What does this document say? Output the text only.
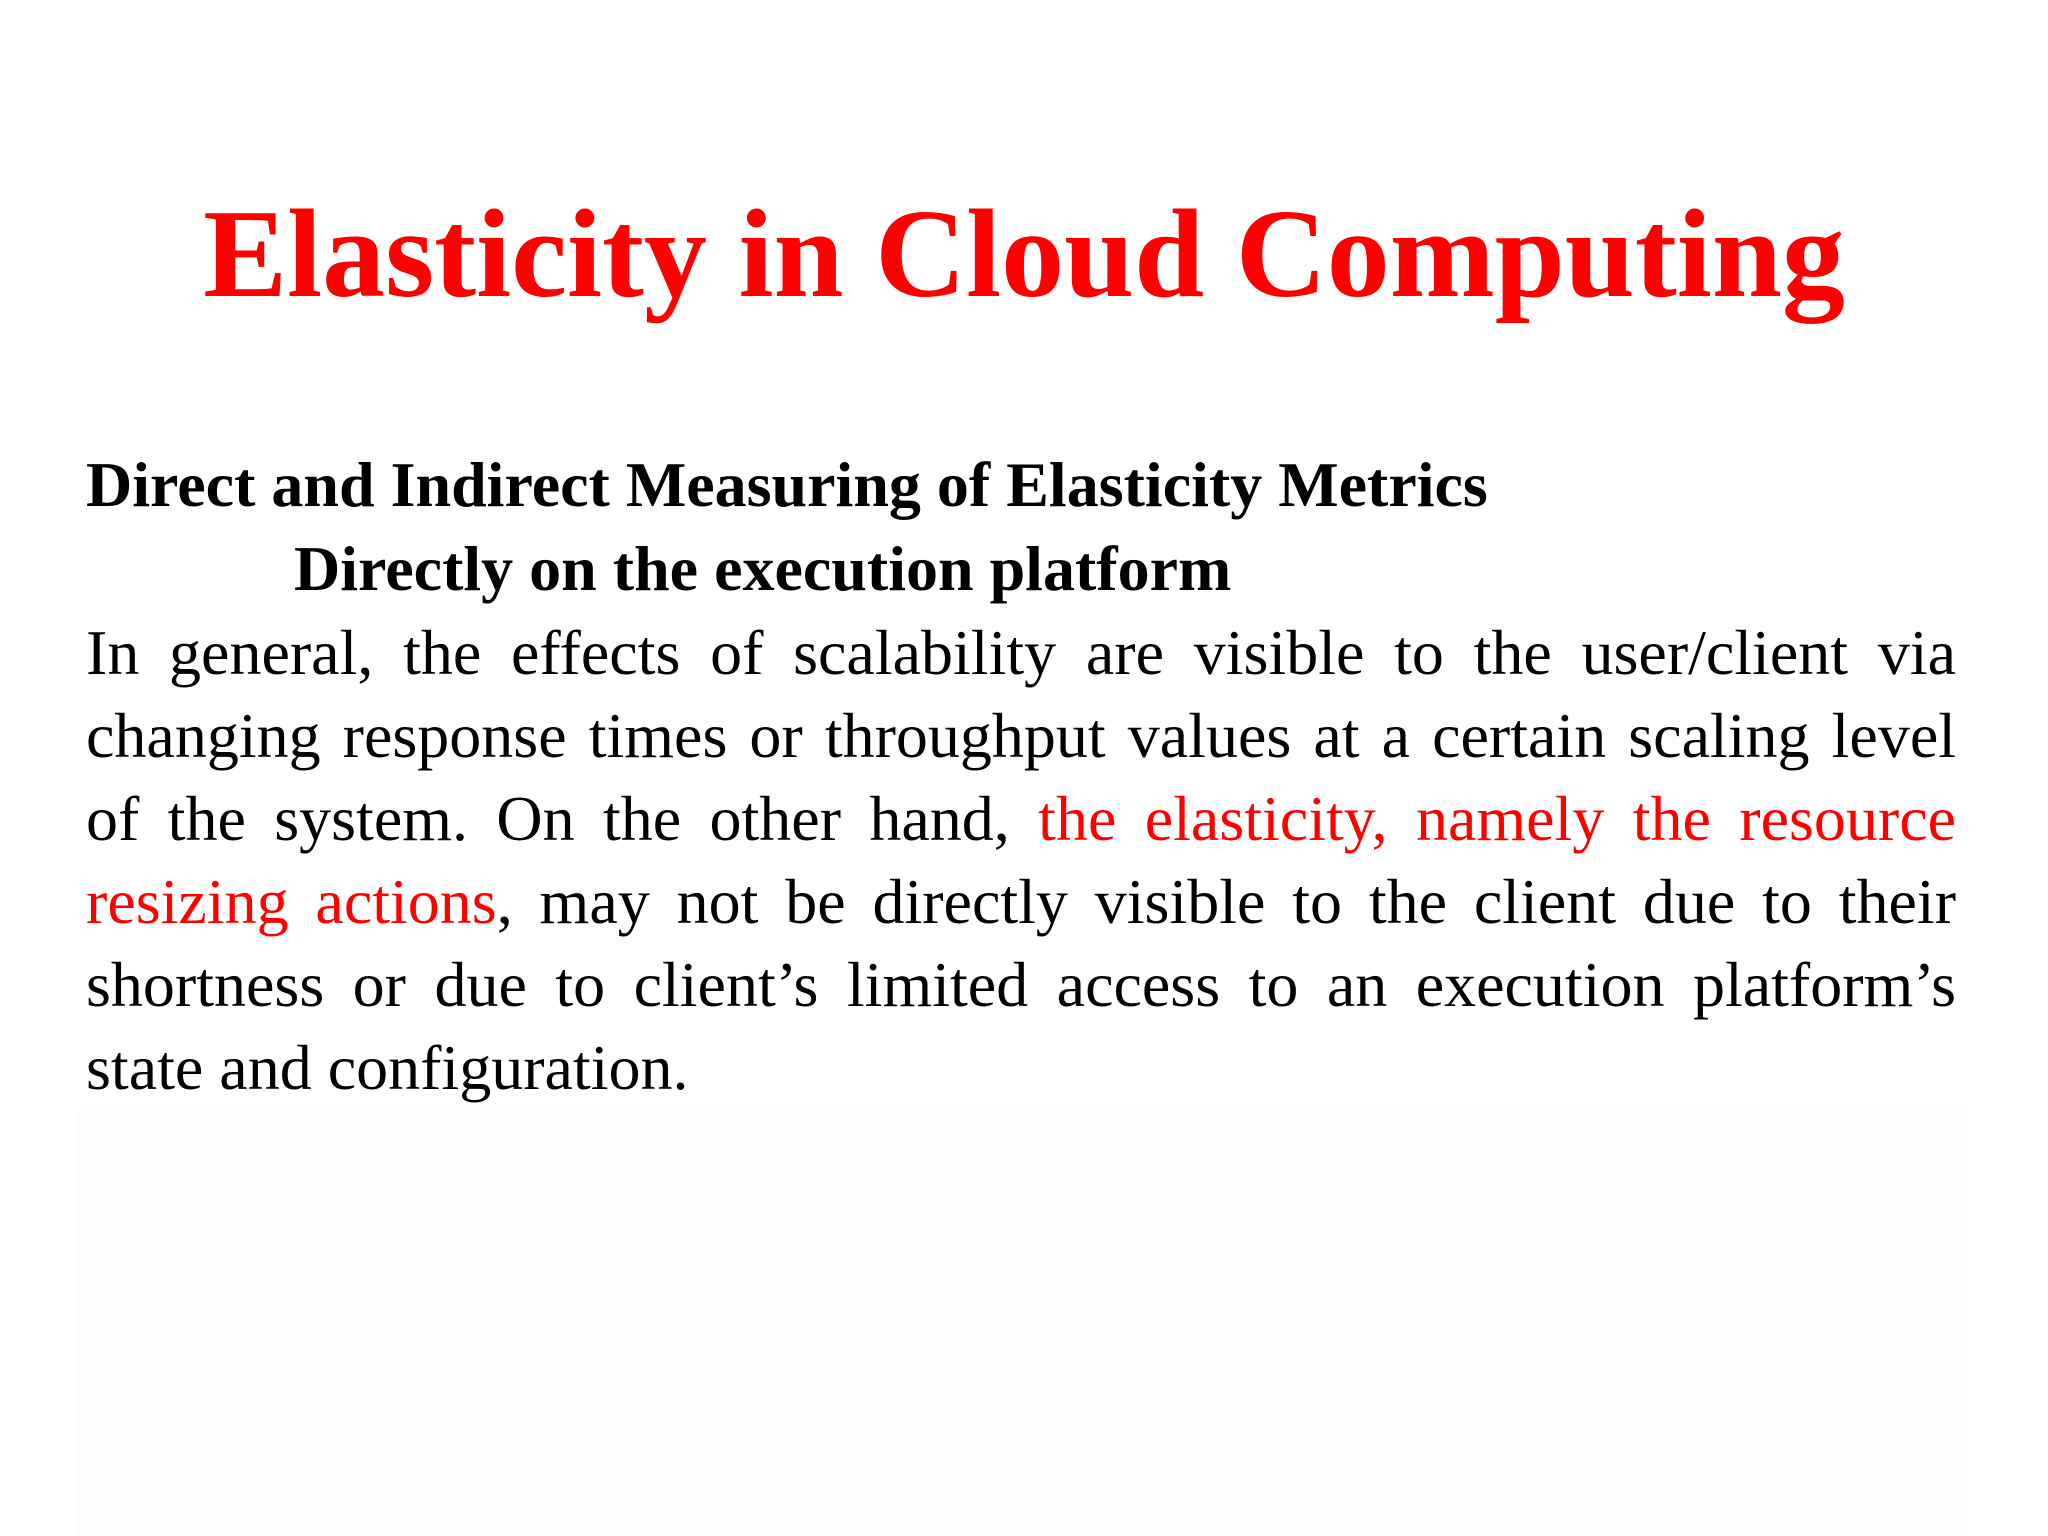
Elasticity in Cloud Computing

Direct and Indirect Measuring of Elasticity Metrics

Directly on the execution platform

In general, the effects of scalability are visible to the user/client via changing response times or throughput values at a certain scaling level of the system. On the other hand, the elasticity, namely the resource resizing actions, may not be directly visible to the client due to their shortness or due to client’s limited access to an execution platform’s state and configuration.
